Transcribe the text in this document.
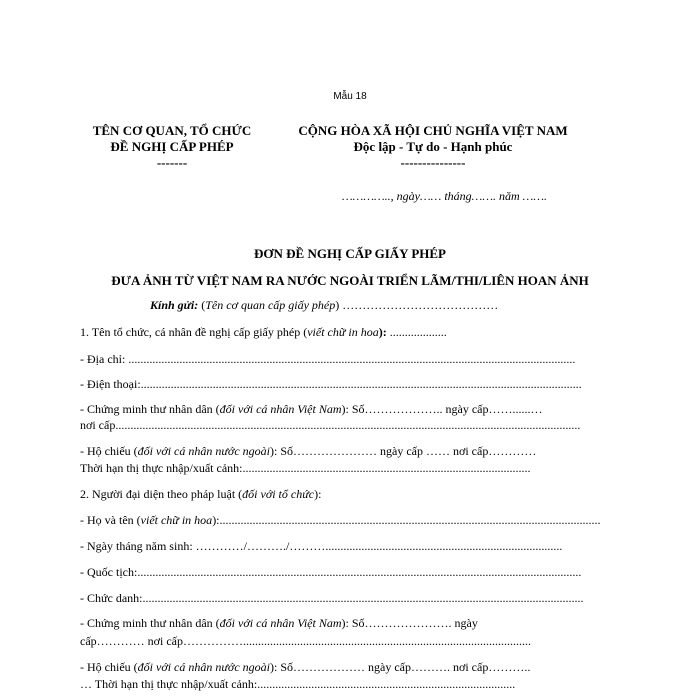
Mẫu 18
TÊN CƠ QUAN, TỔ CHỨC
ĐỀ NGHỊ CẤP PHÉP
-------
CỘNG HÒA XÃ HỘI CHỦ NGHĨA VIỆT NAM
Độc lập - Tự do - Hạnh phúc
---------------
………….., ngày…… tháng……. năm …….
ĐƠN ĐỀ NGHỊ CẤP GIẤY PHÉP
ĐƯA ẢNH TỪ VIỆT NAM RA NƯỚC NGOÀI TRIỂN LÃM/THI/LIÊN HOAN ẢNH
Kính gửi: (Tên cơ quan cấp giấy phép) …………………………………
1. Tên tổ chức, cá nhân đề nghị cấp giấy phép (viết chữ in hoa): ...................
- Địa chỉ: .....................................................................................................................................................
- Điện thoại:...................................................................................................................................................
- Chứng minh thư nhân dân (đối với cá nhân Việt Nam): Số……………….. ngày cấp……......…
nơi cấp...........................................................................................................................................................
- Hộ chiếu (đối với cá nhân nước ngoài): Số………………… ngày cấp …… nơi cấp…………
Thời hạn thị thực nhập/xuất cảnh:................................................................................................
2. Người đại diện theo pháp luật (đối với tổ chức):
- Họ và tên (viết chữ in hoa):...............................................................................................................................
- Ngày tháng năm sinh: …………/………./………...............................................................................
- Quốc tịch:....................................................................................................................................................
- Chức danh:...................................................................................................................................................
- Chứng minh thư nhân dân (đối với cá nhân Việt Nam): Số…………………. ngày
cấp………… nơi cấp……………................................................................................................
- Hộ chiếu (đối với cá nhân nước ngoài): Số……………… ngày cấp………. nơi cấp………..
… Thời hạn thị thực nhập/xuất cảnh:......................................................................................
